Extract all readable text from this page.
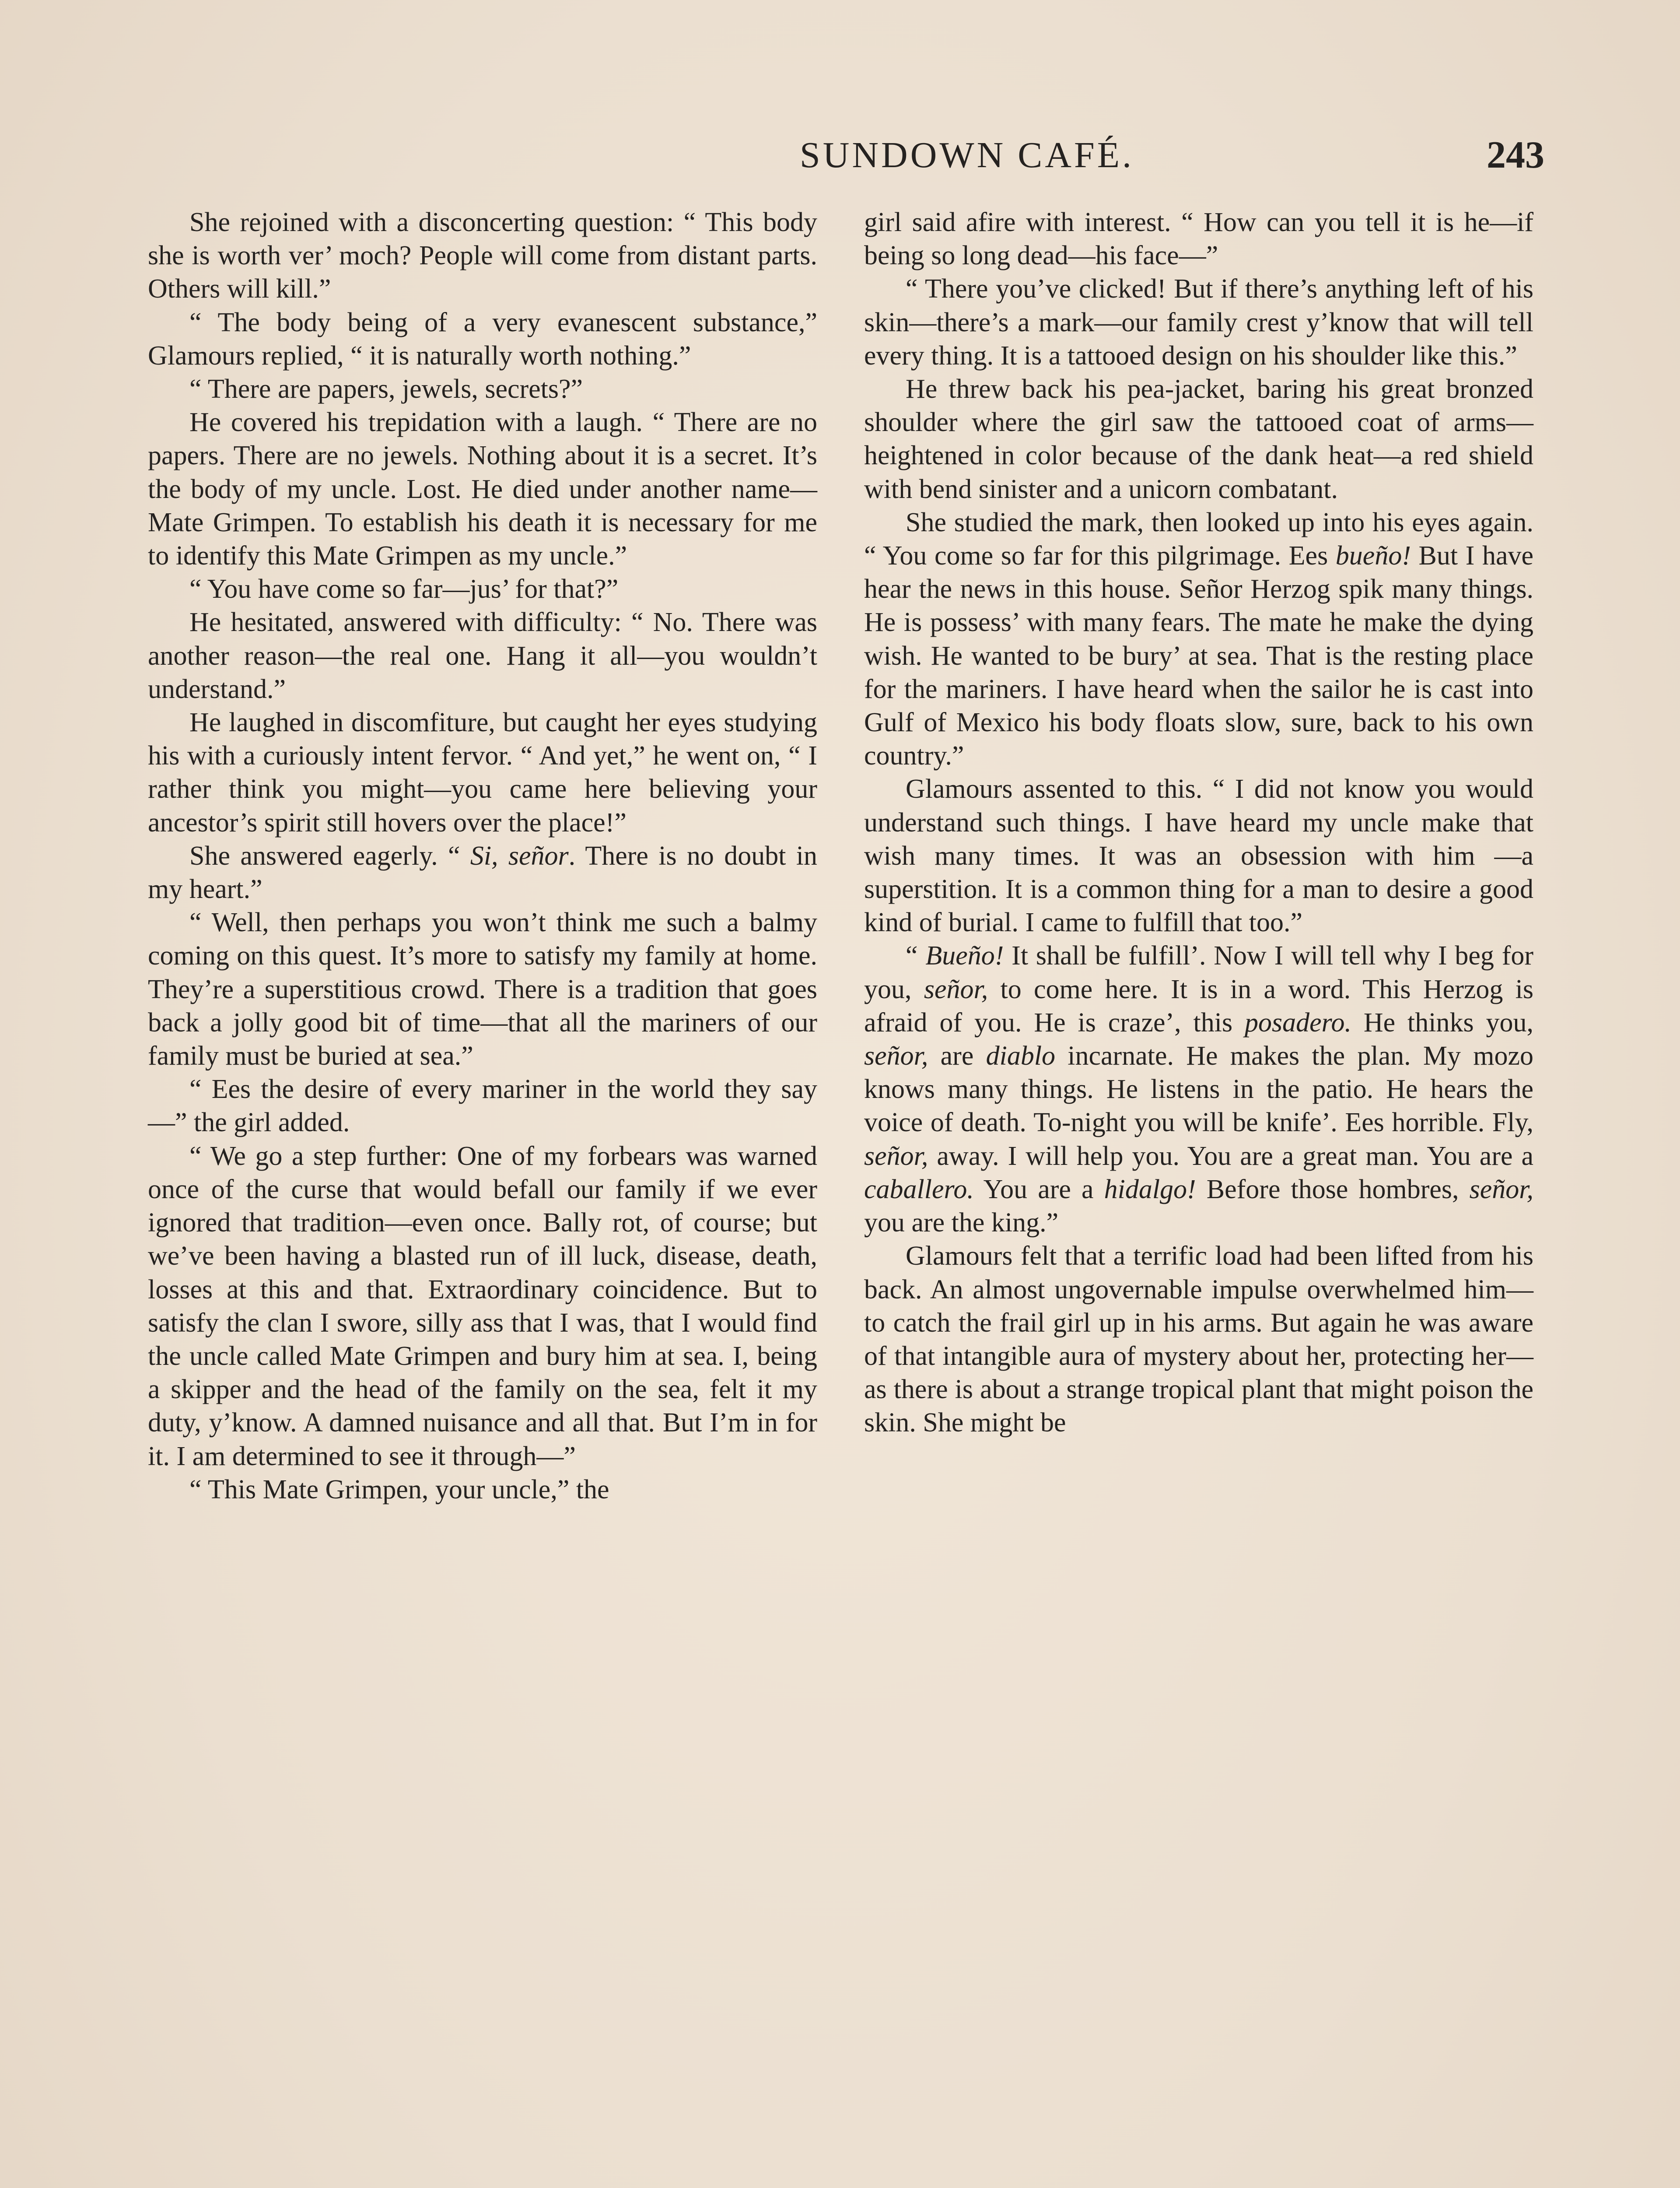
SUNDOWN CAFÉ.	243

She rejoined with a disconcerting question: “ This body she is worth ver’ moch? People will come from distant parts. Others will kill.”

“ The body being of a very evanescent substance,” Glamours replied, “ it is naturally worth nothing.”

“ There are papers, jewels, secrets?”

He covered his trepidation with a laugh. “ There are no papers. There are no jewels. Nothing about it is a secret. It’s the body of my uncle. Lost. He died under another name—Mate Grimpen. To establish his death it is necessary for me to identify this Mate Grimpen as my uncle.”

“ You have come so far—jus’ for that?”

He hesitated, answered with difficulty: “ No. There was another reason—the real one. Hang it all—you wouldn’t understand.”

He laughed in discomfiture, but caught her eyes studying his with a curiously intent fervor. “ And yet,” he went on, “ I rather think you might—you came here believing your ancestor’s spirit still hovers over the place!”

She answered eagerly. “ Si, señor. There is no doubt in my heart.”

“ Well, then perhaps you won’t think me such a balmy coming on this quest. It’s more to satisfy my family at home. They’re a superstitious crowd. There is a tradition that goes back a jolly good bit of time—that all the mariners of our family must be buried at sea.”

“ Ees the desire of every mariner in the world they say—” the girl added.

“ We go a step further: One of my forbears was warned once of the curse that would befall our family if we ever ignored that tradition—even once. Bally rot, of course; but we’ve been having a blasted run of ill luck, disease, death, losses at this and that. Extraordinary coincidence. But to satisfy the clan I swore, silly ass that I was, that I would find the uncle called Mate Grimpen and bury him at sea. I, being a skipper and the head of the family on the sea, felt it my duty, y’know. A damned nuisance and all that. But I’m in for it. I am determined to see it through—”

“ This Mate Grimpen, your uncle,” the

girl said afire with interest. “ How can you tell it is he—if being so long dead—his face—”

“ There you’ve clicked! But if there’s anything left of his skin—there’s a mark—our family crest y’know that will tell every thing. It is a tattooed design on his shoulder like this.”

He threw back his pea-jacket, baring his great bronzed shoulder where the girl saw the tattooed coat of arms—heightened in color because of the dank heat—a red shield with bend sinister and a unicorn combatant.

She studied the mark, then looked up into his eyes again. “ You come so far for this pilgrimage. Ees bueño! But I have hear the news in this house. Señor Herzog spik many things. He is possess’ with many fears. The mate he make the dying wish. He wanted to be bury’ at sea. That is the resting place for the mariners. I have heard when the sailor he is cast into Gulf of Mexico his body floats slow, sure, back to his own country.”

Glamours assented to this. “ I did not know you would understand such things. I have heard my uncle make that wish many times. It was an obsession with him —a superstition. It is a common thing for a man to desire a good kind of burial. I came to fulfill that too.”

“ Bueño! It shall be fulfill’. Now I will tell why I beg for you, señor, to come here. It is in a word. This Herzog is afraid of you. He is craze’, this posadero. He thinks you, señor, are diablo incarnate. He makes the plan. My mozo knows many things. He listens in the patio. He hears the voice of death. To-night you will be knife’. Ees horrible. Fly, señor, away. I will help you. You are a great man. You are a caballero. You are a hidalgo! Before those hombres, señor, you are the king.”

Glamours felt that a terrific load had been lifted from his back. An almost ungovernable impulse overwhelmed him—to catch the frail girl up in his arms. But again he was aware of that intangible aura of mystery about her, protecting her—as there is about a strange tropical plant that might poison the skin. She might be
